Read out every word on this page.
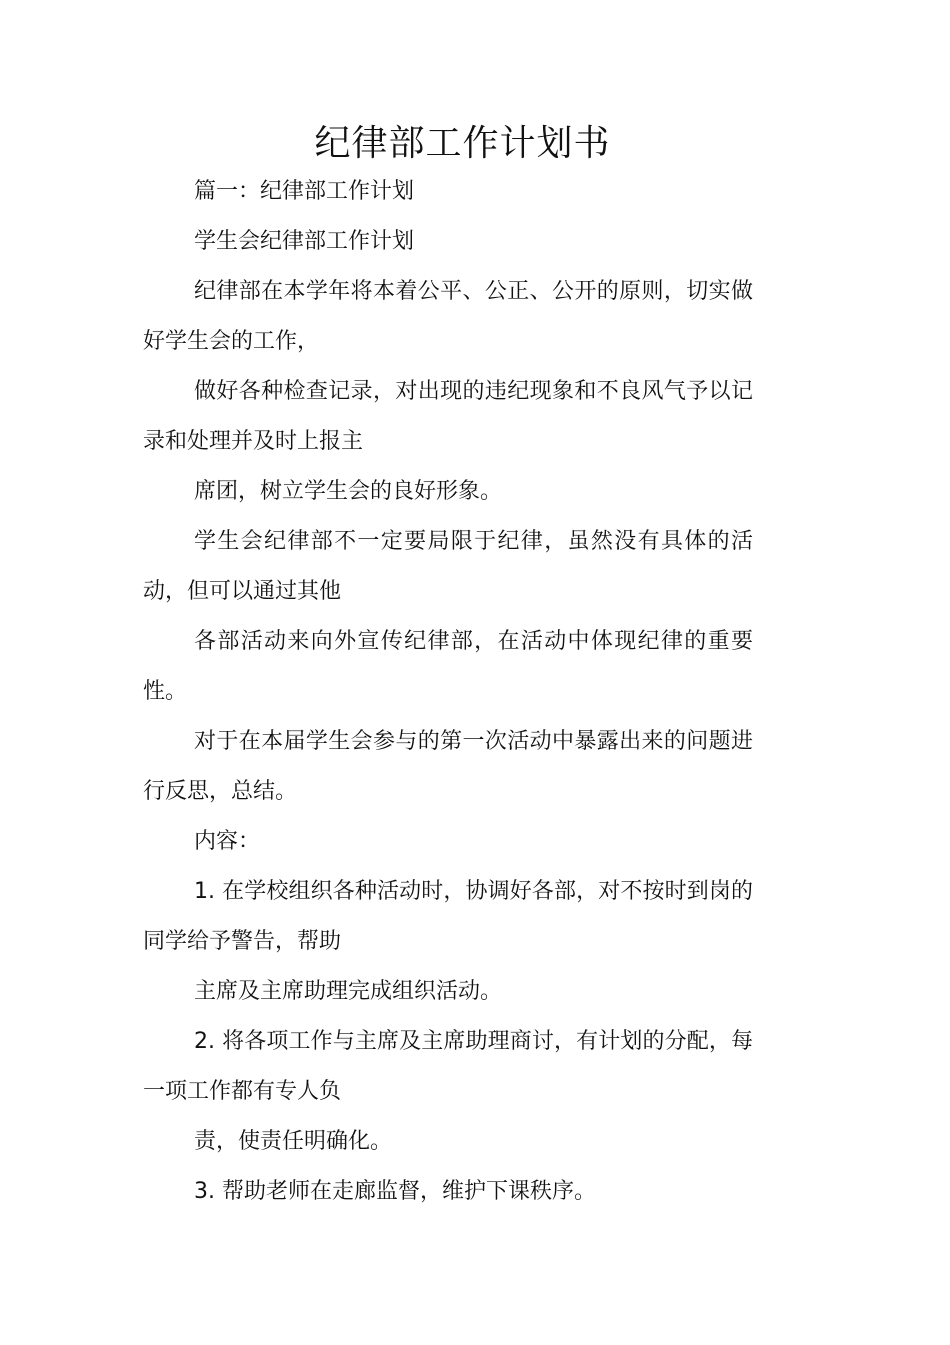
纪律部工作计划书

篇一：纪律部工作计划

学生会纪律部工作计划

纪律部在本学年将本着公平、公正、公开的原则，切实做好学生会的工作，

做好各种检查记录，对出现的违纪现象和不良风气予以记录和处理并及时上报主

席团，树立学生会的良好形象。

学生会纪律部不一定要局限于纪律，虽然没有具体的活动，但可以通过其他

各部活动来向外宣传纪律部，在活动中体现纪律的重要性。

对于在本届学生会参与的第一次活动中暴露出来的问题进行反思，总结。

内容：

1. 在学校组织各种活动时，协调好各部，对不按时到岗的同学给予警告，帮助

主席及主席助理完成组织活动。

2. 将各项工作与主席及主席助理商讨，有计划的分配，每一项工作都有专人负

责，使责任明确化。

3. 帮助老师在走廊监督，维护下课秩序。
